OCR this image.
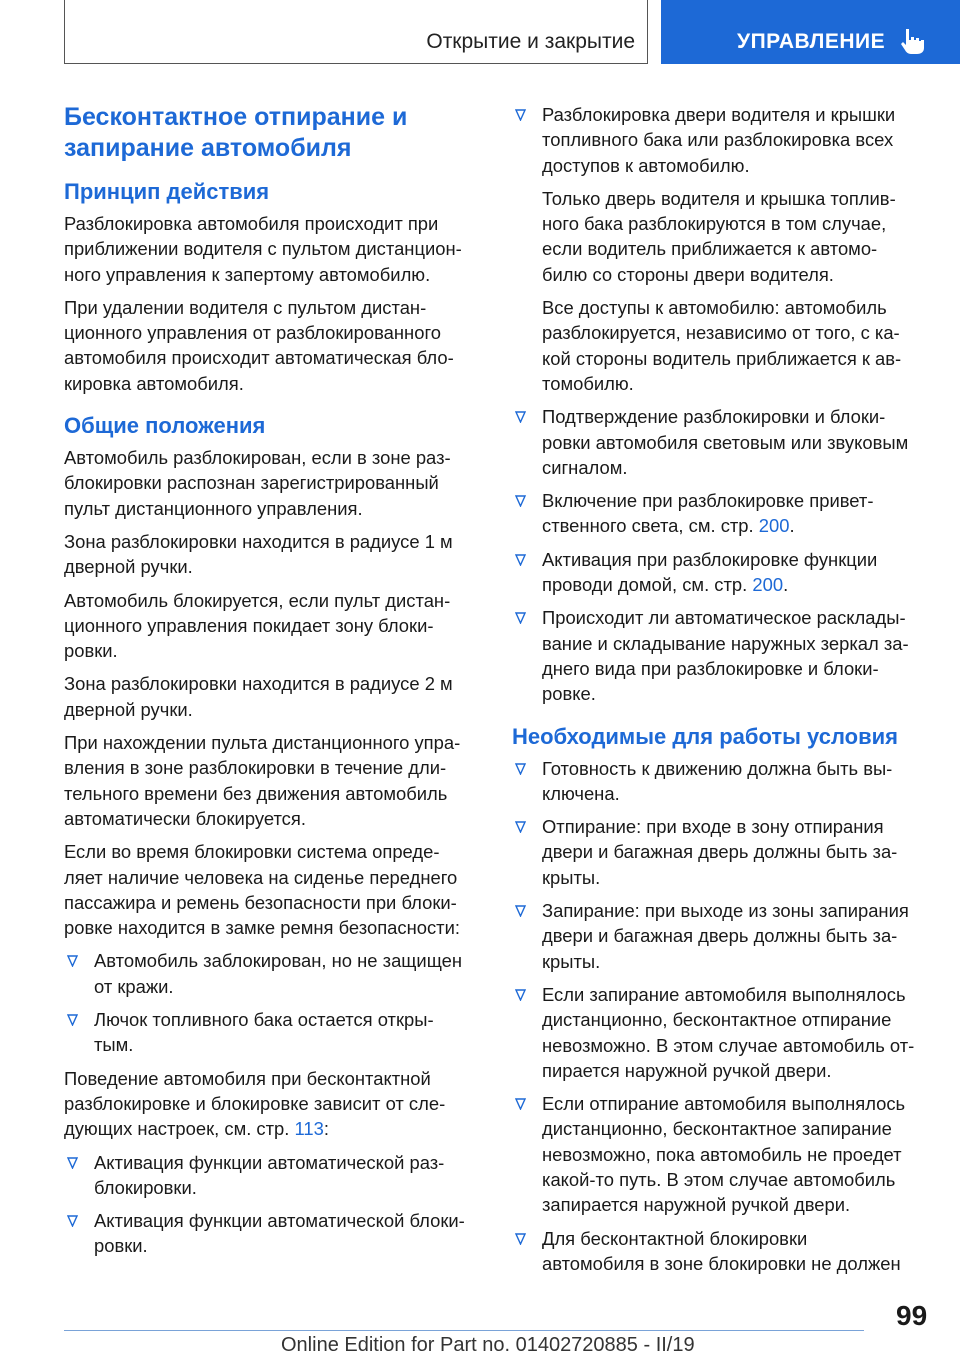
Открытие и закрытие	УПРАВЛЕНИЕ
Бесконтактное отпирание и
запирание автомобиля
Принцип действия

Разблокировка автомобиля происходит при
приближении водителя с пультом дистанцион-
ного управления к запертому автомобилю.

При удалении водителя с пультом дистан-
ционного управления от разблокированного
автомобиля происходит автоматическая бло-
кировка автомобиля.

Общие положения

Автомобиль разблокирован, если в зоне раз-
блокировки распознан зарегистрированный
пульт дистанционного управления.

Зона разблокировки находится в радиусе 1 м
дверной ручки.

Автомобиль блокируется, если пульт дистан-
ционного управления покидает зону блоки-
ровки.

Зона разблокировки находится в радиусе 2 м
дверной ручки.

При нахождении пульта дистанционного упра-
вления в зоне разблокировки в течение дли-
тельного времени без движения автомобиль
автоматически блокируется.

Если во время блокировки система опреде-
ляет наличие человека на сиденье переднего
пассажира и ремень безопасности при блоки-
ровке находится в замке ремня безопасности:

Автомобиль заблокирован, но не защищен
от кражи.
Лючок топливного бака остается откры-
тым.

Поведение автомобиля при бесконтактной
разблокировке и блокировке зависит от сле-
дующих настроек, см. стр. 113:

Активация функции автоматической раз-
блокировки.
Активация функции автоматической блоки-
ровки.
Разблокировка двери водителя и крышки
топливного бака или разблокировка всех
доступов к автомобилю.
Только дверь водителя и крышка топлив-
ного бака разблокируются в том случае,
если водитель приближается к автомо-
билю со стороны двери водителя.
Все доступы к автомобилю: автомобиль
разблокируется, независимо от того, с ка-
кой стороны водитель приближается к ав-
томобилю.
Подтверждение разблокировки и блоки-
ровки автомобиля световым или звуковым
сигналом.
Включение при разблокировке привет-
ственного света, см. стр. 200.
Активация при разблокировке функции
проводи домой, см. стр. 200.
Происходит ли автоматическое расклады-
вание и складывание наружных зеркал за-
днего вида при разблокировке и блоки-
ровке.
Необходимые для работы условия
Готовность к движению должна быть вы-
ключена.
Отпирание: при входе в зону отпирания
двери и багажная дверь должны быть за-
крыты.
Запирание: при выходе из зоны запирания
двери и багажная дверь должны быть за-
крыты.
Если запирание автомобиля выполнялось
дистанционно, бесконтактное отпирание
невозможно. В этом случае автомобиль от-
пирается наружной ручкой двери.
Если отпирание автомобиля выполнялось
дистанционно, бесконтактное запирание
невозможно, пока автомобиль не проедет
какой-то путь. В этом случае автомобиль
запирается наружной ручкой двери.
Для бесконтактной блокировки
автомобиля в зоне блокировки не должен
99
Online Edition for Part no. 01402720885 - II/19
